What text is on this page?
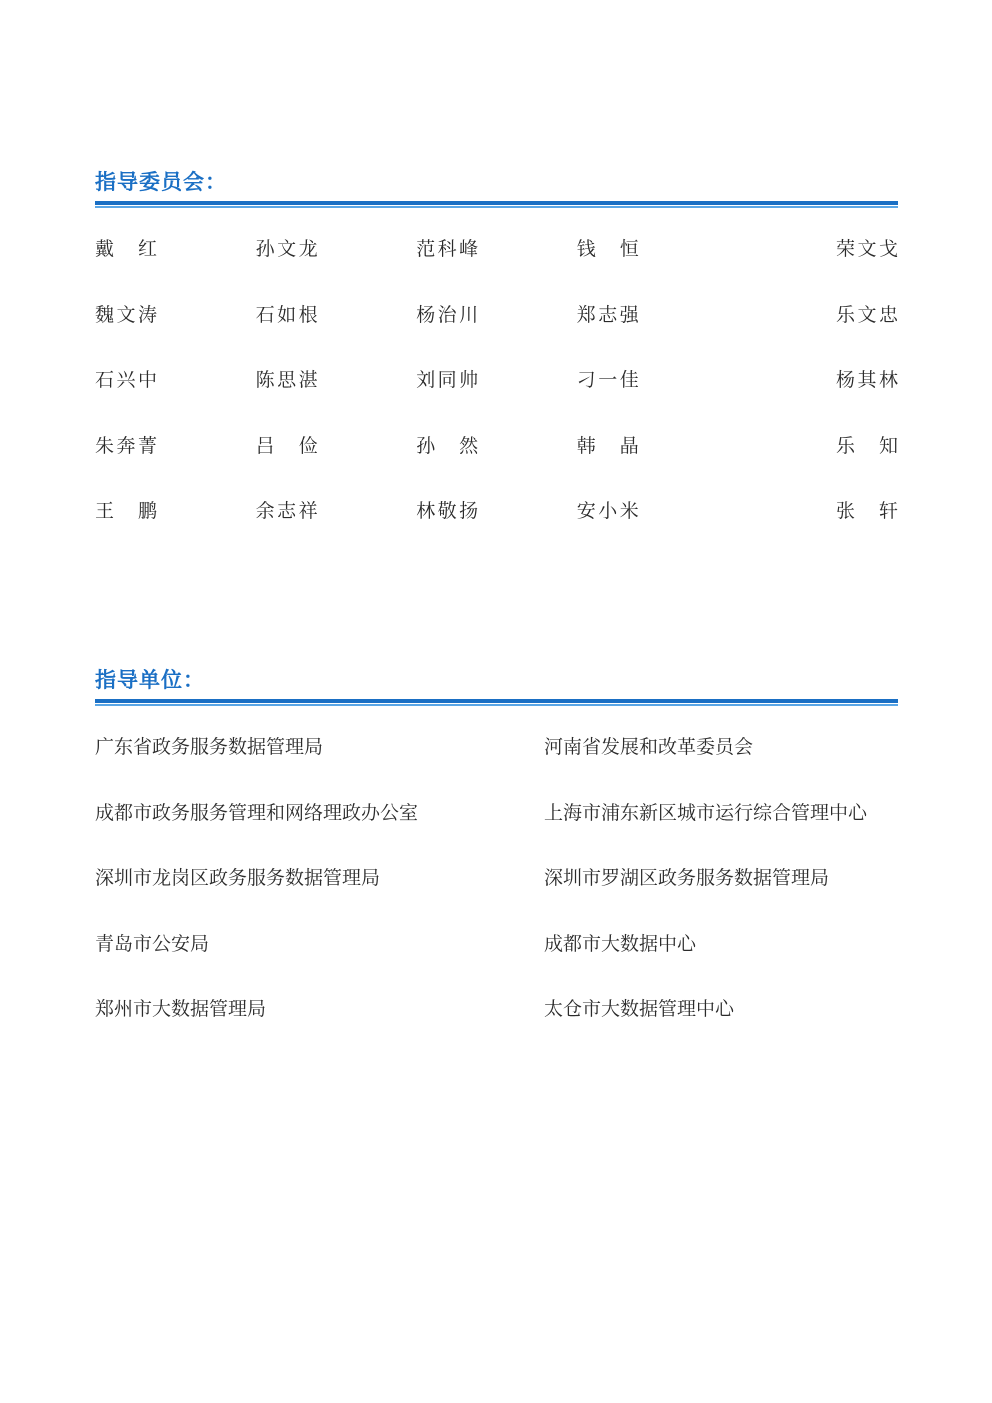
指导委员会：
戴 红	孙文龙	范科峰	钱 恒	荣文戈
魏文涛	石如根	杨治川	郑志强	乐文忠
石兴中	陈思湛	刘同帅	刁一佳	杨其林
朱奔菁	吕 俭	孙 然	韩 晶	乐 知
王 鹏	余志祥	林敬扬	安小米	张 轩
指导单位：
广东省政务服务数据管理局	河南省发展和改革委员会
成都市政务服务管理和网络理政办公室	上海市浦东新区城市运行综合管理中心
深圳市龙岗区政务服务数据管理局	深圳市罗湖区政务服务数据管理局
青岛市公安局	成都市大数据中心
郑州市大数据管理局	太仓市大数据管理中心
